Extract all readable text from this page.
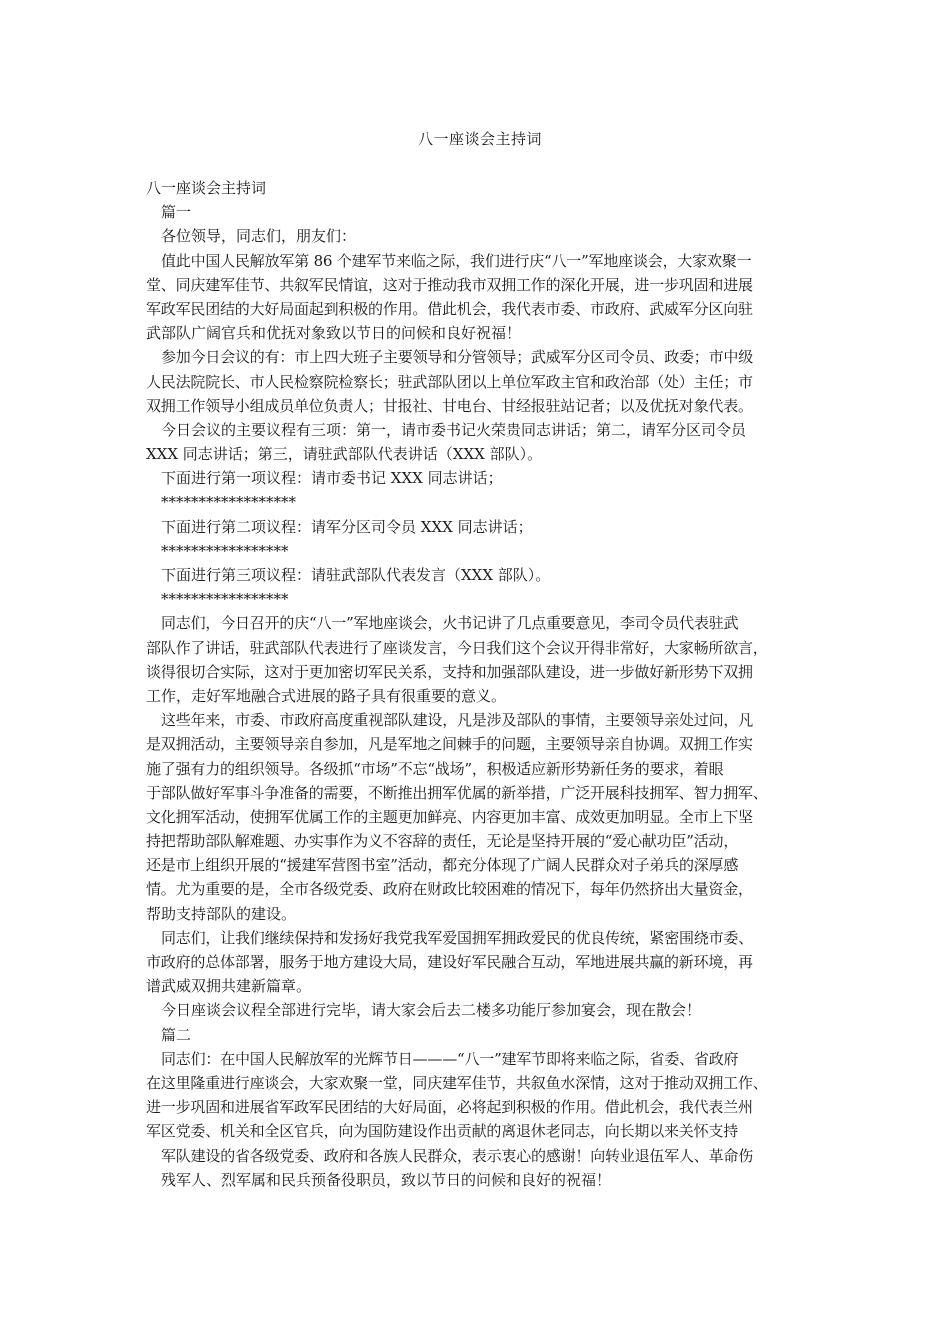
八一座谈会主持词
八一座谈会主持词
篇一
各位领导，同志们，朋友们：
值此中国人民解放军第 86 个建军节来临之际，我们进行庆“八一”军地座谈会，大家欢聚一
堂、同庆建军佳节、共叙军民情谊，这对于推动我市双拥工作的深化开展，进一步巩固和进展
军政军民团结的大好局面起到积极的作用。借此机会，我代表市委、市政府、武威军分区向驻
武部队广阔官兵和优抚对象致以节日的问候和良好祝福！
参加今日会议的有：市上四大班子主要领导和分管领导；武威军分区司令员、政委；市中级
人民法院院长、市人民检察院检察长；驻武部队团以上单位军政主官和政治部（处）主任；市
双拥工作领导小组成员单位负责人；甘报社、甘电台、甘经报驻站记者；以及优抚对象代表。
今日会议的主要议程有三项：第一，请市委书记火荣贵同志讲话；第二，请军分区司令员
XXX 同志讲话；第三，请驻武部队代表讲话（XXX 部队）。
下面进行第一项议程：请市委书记 XXX 同志讲话；
******************
下面进行第二项议程：请军分区司令员 XXX 同志讲话；
*****************
下面进行第三项议程：请驻武部队代表发言（XXX 部队）。
*****************
同志们，今日召开的庆“八一”军地座谈会，火书记讲了几点重要意见，李司令员代表驻武
部队作了讲话，驻武部队代表进行了座谈发言，今日我们这个会议开得非常好，大家畅所欲言，
谈得很切合实际，这对于更加密切军民关系，支持和加强部队建设，进一步做好新形势下双拥
工作，走好军地融合式进展的路子具有很重要的意义。
这些年来，市委、市政府高度重视部队建设，凡是涉及部队的事情，主要领导亲处过问，凡
是双拥活动，主要领导亲自参加，凡是军地之间棘手的问题，主要领导亲自协调。双拥工作实
施了强有力的组织领导。各级抓“市场”不忘“战场”，积极适应新形势新任务的要求，着眼
于部队做好军事斗争准备的需要，不断推出拥军优属的新举措，广泛开展科技拥军、智力拥军、
文化拥军活动，使拥军优属工作的主题更加鲜亮、内容更加丰富、成效更加明显。全市上下坚
持把帮助部队解难题、办实事作为义不容辞的责任，无论是坚持开展的“爱心献功臣”活动，
还是市上组织开展的“援建军营图书室”活动，都充分体现了广阔人民群众对子弟兵的深厚感
情。尤为重要的是，全市各级党委、政府在财政比较困难的情况下，每年仍然挤出大量资金，
帮助支持部队的建设。
同志们，让我们继续保持和发扬好我党我军爱国拥军拥政爱民的优良传统，紧密围绕市委、
市政府的总体部署，服务于地方建设大局，建设好军民融合互动，军地进展共赢的新环境，再
谱武威双拥共建新篇章。
今日座谈会议程全部进行完毕，请大家会后去二楼多功能厅参加宴会，现在散会！
篇二
同志们：在中国人民解放军的光辉节日———“八一”建军节即将来临之际，省委、省政府
在这里隆重进行座谈会，大家欢聚一堂，同庆建军佳节，共叙鱼水深情，这对于推动双拥工作、
进一步巩固和进展省军政军民团结的大好局面，必将起到积极的作用。借此机会，我代表兰州
军区党委、机关和全区官兵，向为国防建设作出贡献的离退休老同志，向长期以来关怀支持
军队建设的省各级党委、政府和各族人民群众，表示衷心的感谢！向转业退伍军人、革命伤
残军人、烈军属和民兵预备役职员，致以节日的问候和良好的祝福！
